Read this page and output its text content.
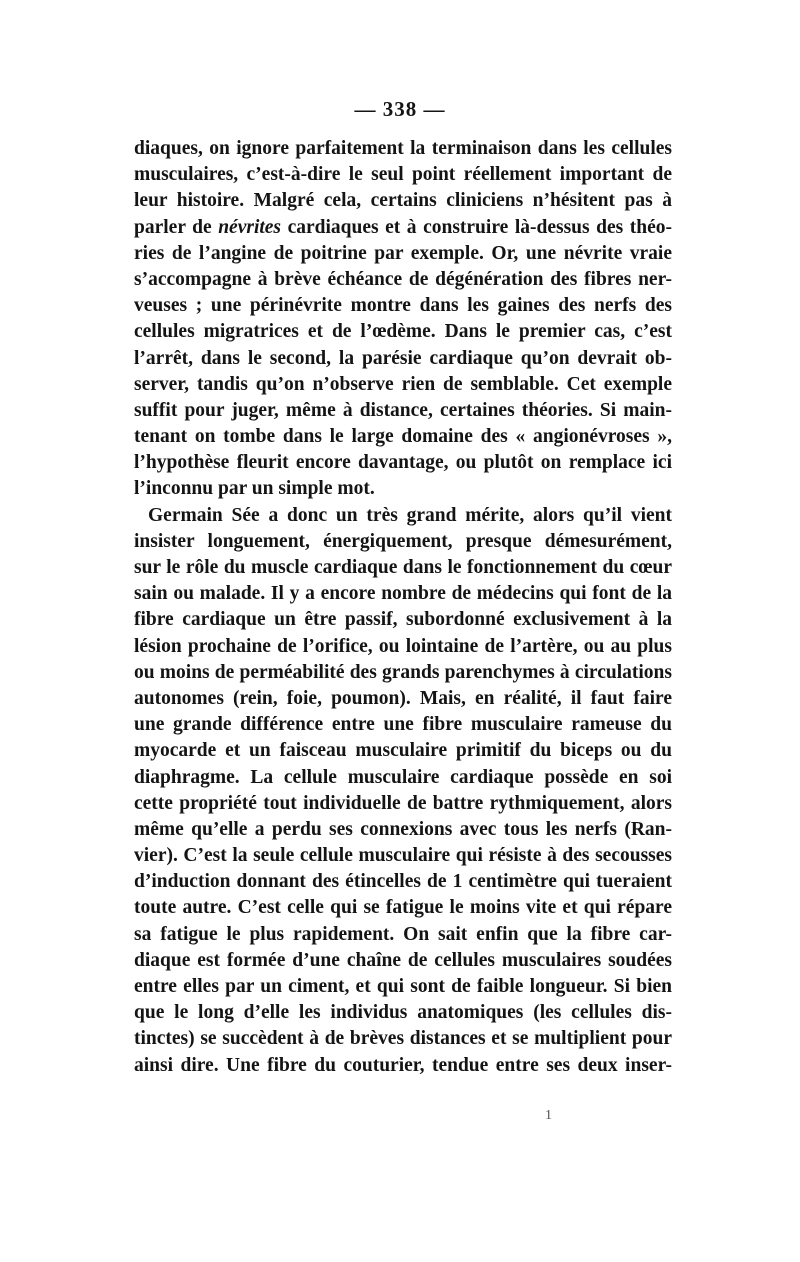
— 338 —
diaques, on ignore parfaitement la terminaison dans les cellules
musculaires, c’est-à-dire le seul point réellement important de
leur histoire. Malgré cela, certains cliniciens n’hésitent pas à
parler de névrites cardiaques et à construire là-dessus des théo-
ries de l’angine de poitrine par exemple. Or, une névrite vraie
s’accompagne à brève échéance de dégénération des fibres ner-
veuses ; une périnévrite montre dans les gaines des nerfs des
cellules migratrices et de l’œdème. Dans le premier cas, c’est
l’arrêt, dans le second, la parésie cardiaque qu’on devrait ob-
server, tandis qu’on n’observe rien de semblable. Cet exemple
suffit pour juger, même à distance, certaines théories. Si main-
tenant on tombe dans le large domaine des « angionévroses »,
l’hypothèse fleurit encore davantage, ou plutôt on remplace ici
l’inconnu par un simple mot.
Germain Sée a donc un très grand mérite, alors qu’il vient
insister longuement, énergiquement, presque démesurément,
sur le rôle du muscle cardiaque dans le fonctionnement du cœur
sain ou malade. Il y a encore nombre de médecins qui font de la
fibre cardiaque un être passif, subordonné exclusivement à la
lésion prochaine de l’orifice, ou lointaine de l’artère, ou au plus
ou moins de perméabilité des grands parenchymes à circulations
autonomes (rein, foie, poumon). Mais, en réalité, il faut faire
une grande différence entre une fibre musculaire rameuse du
myocarde et un faisceau musculaire primitif du biceps ou du
diaphragme. La cellule musculaire cardiaque possède en soi
cette propriété tout individuelle de battre rythmiquement, alors
même qu’elle a perdu ses connexions avec tous les nerfs (Ran-
vier). C’est la seule cellule musculaire qui résiste à des secousses
d’induction donnant des étincelles de 1 centimètre qui tueraient
toute autre. C’est celle qui se fatigue le moins vite et qui répare
sa fatigue le plus rapidement. On sait enfin que la fibre car-
diaque est formée d’une chaîne de cellules musculaires soudées
entre elles par un ciment, et qui sont de faible longueur. Si bien
que le long d’elle les individus anatomiques (les cellules dis-
tinctes) se succèdent à de brèves distances et se multiplient pour
ainsi dire. Une fibre du couturier, tendue entre ses deux inser-
1
